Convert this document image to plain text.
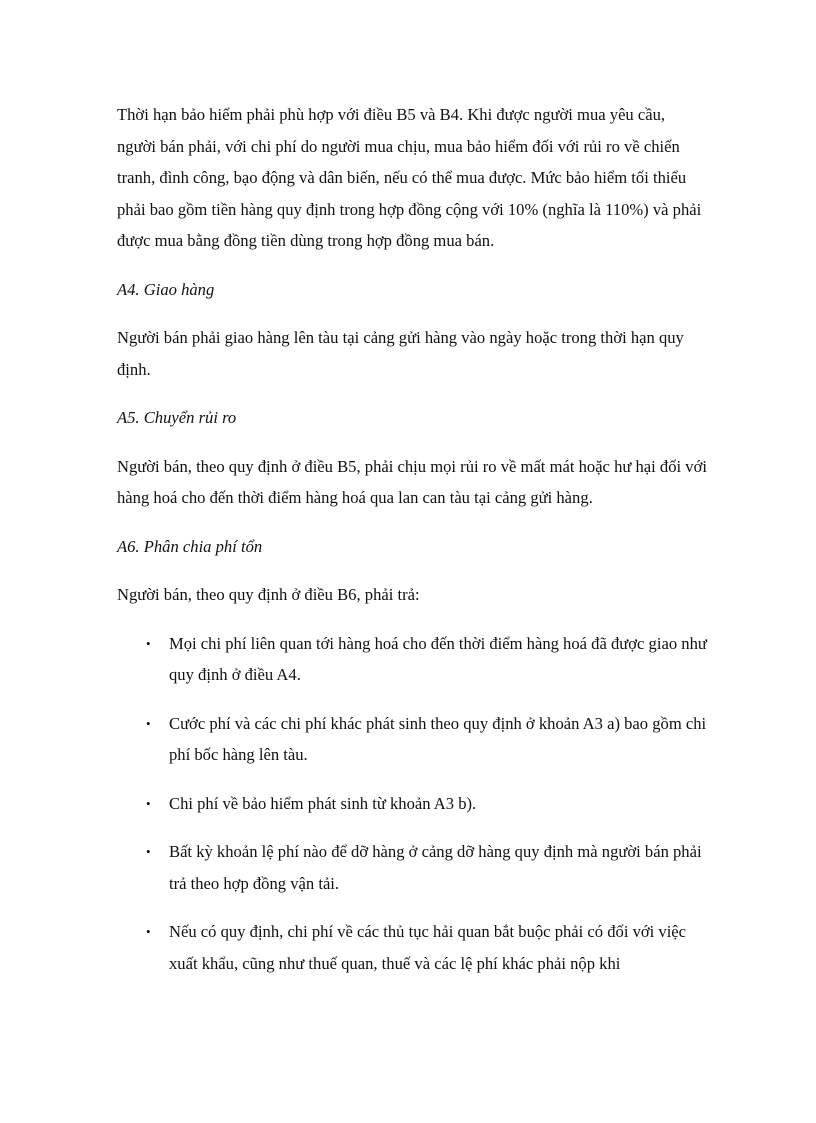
Thời hạn bảo hiểm phải phù hợp với điều B5 và B4. Khi được người mua yêu cầu, người bán phải, với chi phí do người mua chịu, mua bảo hiểm đối với rủi ro về chiến tranh, đình công, bạo động và dân biến, nếu có thể mua được. Mức bảo hiểm tối thiểu phải bao gồm tiền hàng quy định trong hợp đồng cộng với 10% (nghĩa là 110%) và phải được mua bằng đồng tiền dùng trong hợp đồng mua bán.

A4. Giao hàng

Người bán phải giao hàng lên tàu tại cảng gửi hàng vào ngày hoặc trong thời hạn quy định.

A5. Chuyển rủi ro

Người bán, theo quy định ở điều B5, phải chịu mọi rủi ro về mất mát hoặc hư hại đối với hàng hoá cho đến thời điểm hàng hoá qua lan can tàu tại cảng gửi hàng.

A6. Phân chia phí tổn

Người bán, theo quy định ở điều B6, phải trả:

• Mọi chi phí liên quan tới hàng hoá cho đến thời điểm hàng hoá đã được giao như quy định ở điều A4.
• Cước phí và các chi phí khác phát sinh theo quy định ở khoản A3 a) bao gồm chi phí bốc hàng lên tàu.
• Chi phí về bảo hiểm phát sinh từ khoản A3 b).
• Bất kỳ khoản lệ phí nào để dỡ hàng ở cảng dỡ hàng quy định mà người bán phải trả theo hợp đồng vận tải.
• Nếu có quy định, chi phí về các thủ tục hải quan bắt buộc phải có đối với việc xuất khẩu, cũng như thuế quan, thuế và các lệ phí khác phải nộp khi
